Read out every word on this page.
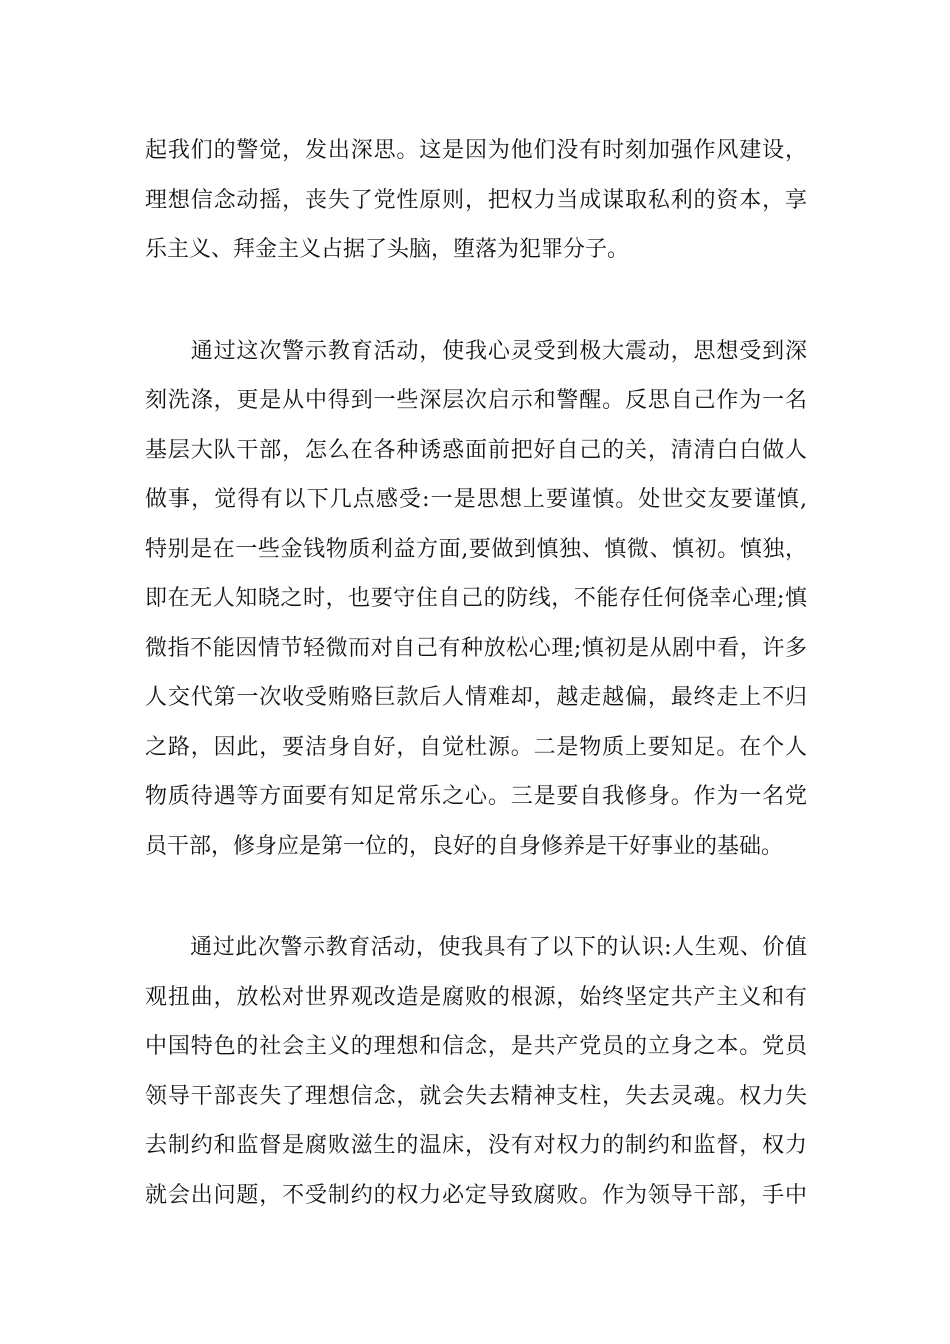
起我们的警觉，发出深思。这是因为他们没有时刻加强作风建设，
理想信念动摇，丧失了党性原则，把权力当成谋取私利的资本，享
乐主义、拜金主义占据了头脑，堕落为犯罪分子。
　　通过这次警示教育活动，使我心灵受到极大震动，思想受到深
刻洗涤，更是从中得到一些深层次启示和警醒。反思自己作为一名
基层大队干部，怎么在各种诱惑面前把好自己的关，清清白白做人
做事，觉得有以下几点感受:一是思想上要谨慎。处世交友要谨慎,
特别是在一些金钱物质利益方面,要做到慎独、慎微、慎初。慎独，
即在无人知晓之时，也要守住自己的防线，不能存任何侥幸心理;慎
微指不能因情节轻微而对自己有种放松心理;慎初是从剧中看，许多
人交代第一次收受贿赂巨款后人情难却，越走越偏，最终走上不归
之路，因此，要洁身自好，自觉杜源。二是物质上要知足。在个人
物质待遇等方面要有知足常乐之心。三是要自我修身。作为一名党
员干部，修身应是第一位的，良好的自身修养是干好事业的基础。
　　通过此次警示教育活动，使我具有了以下的认识:人生观、价值
观扭曲，放松对世界观改造是腐败的根源，始终坚定共产主义和有
中国特色的社会主义的理想和信念，是共产党员的立身之本。党员
领导干部丧失了理想信念，就会失去精神支柱，失去灵魂。权力失
去制约和监督是腐败滋生的温床，没有对权力的制约和监督，权力
就会出问题，不受制约的权力必定导致腐败。作为领导干部，手中
